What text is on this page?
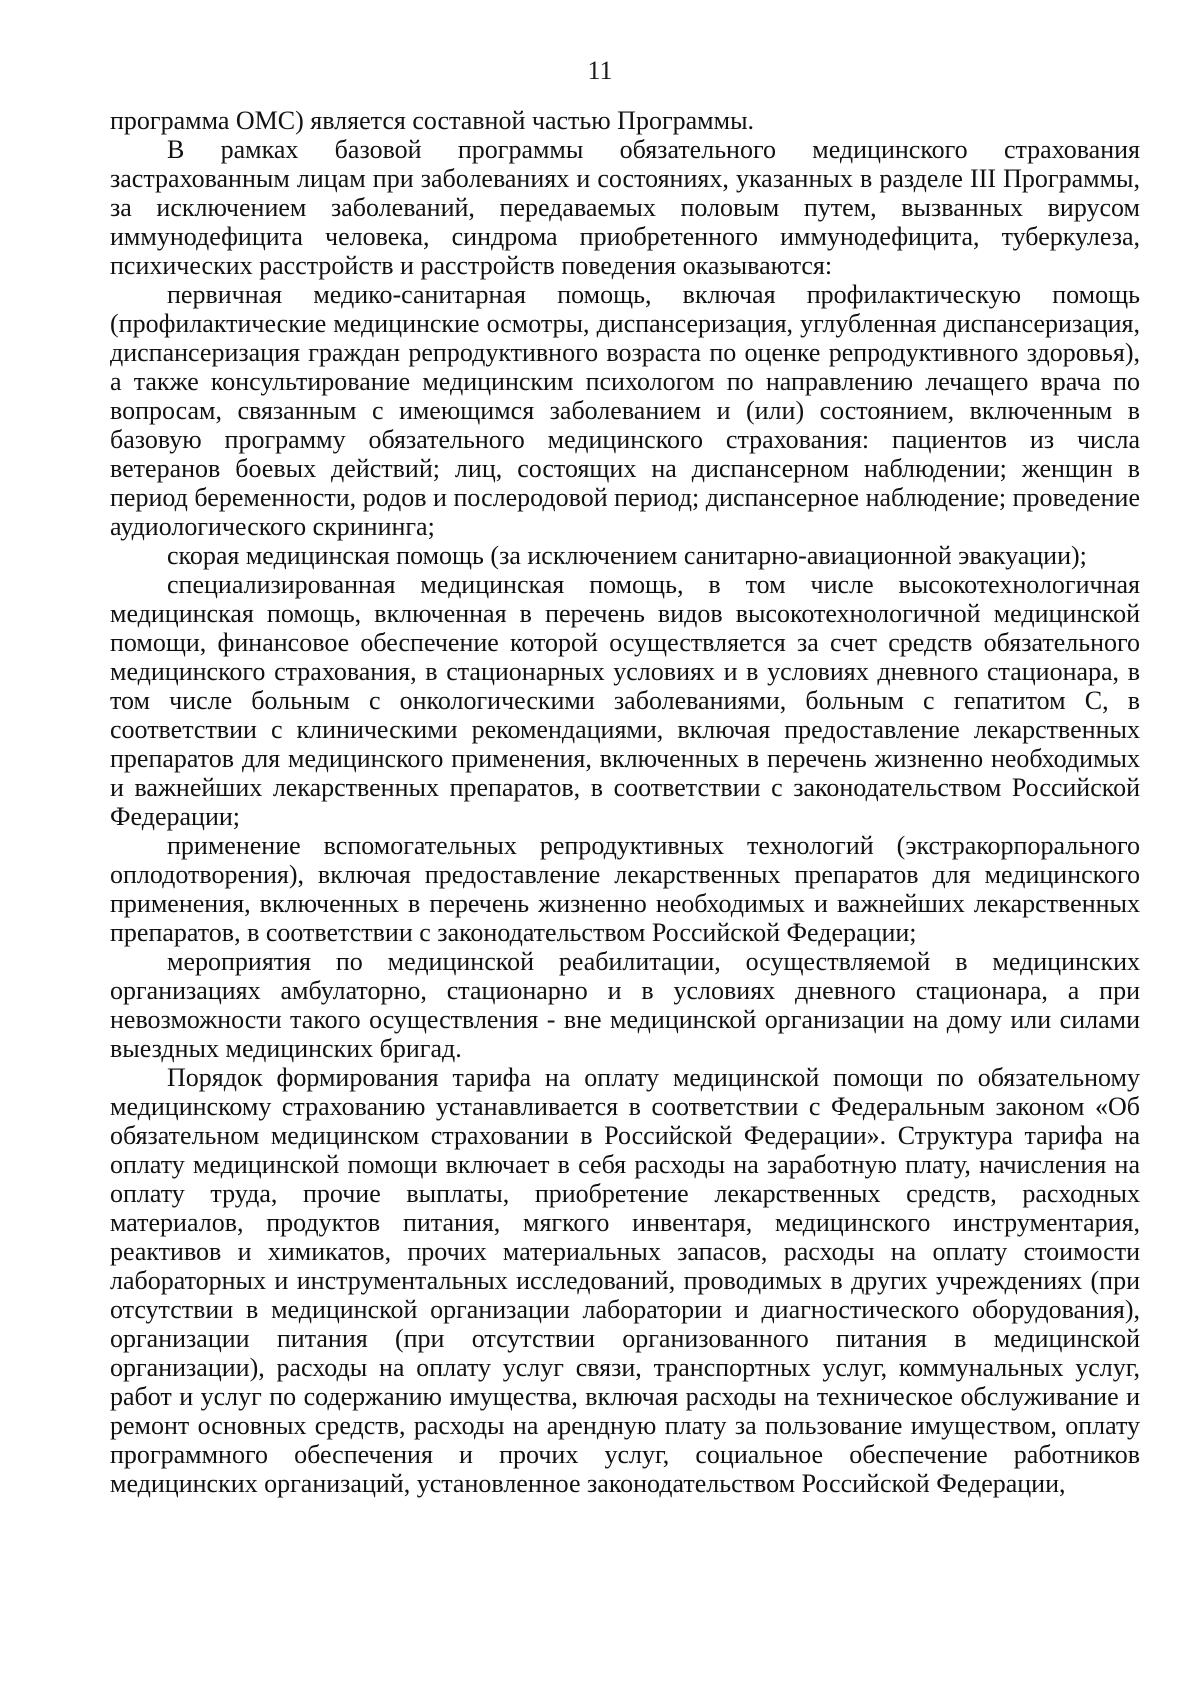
11

программа ОМС) является составной частью Программы.

В рамках базовой программы обязательного медицинского страхования застрахованным лицам при заболеваниях и состояниях, указанных в разделе III Программы, за исключением заболеваний, передаваемых половым путем, вызванных вирусом иммунодефицита человека, синдрома приобретенного иммунодефицита, туберкулеза, психических расстройств и расстройств поведения оказываются:

первичная медико-санитарная помощь, включая профилактическую помощь (профилактические медицинские осмотры, диспансеризация, углубленная диспансеризация, диспансеризация граждан репродуктивного возраста по оценке репродуктивного здоровья), а также консультирование медицинским психологом по направлению лечащего врача по вопросам, связанным с имеющимся заболеванием и (или) состоянием, включенным в базовую программу обязательного медицинского страхования: пациентов из числа ветеранов боевых действий; лиц, состоящих на диспансерном наблюдении; женщин в период беременности, родов и послеродовой период; диспансерное наблюдение; проведение аудиологического скрининга;

скорая медицинская помощь (за исключением санитарно-авиационной эвакуации);

специализированная медицинская помощь, в том числе высокотехнологичная медицинская помощь, включенная в перечень видов высокотехнологичной медицинской помощи, финансовое обеспечение которой осуществляется за счет средств обязательного медицинского страхования, в стационарных условиях и в условиях дневного стационара, в том числе больным с онкологическими заболеваниями, больным с гепатитом С, в соответствии с клиническими рекомендациями, включая предоставление лекарственных препаратов для медицинского применения, включенных в перечень жизненно необходимых и важнейших лекарственных препаратов, в соответствии с законодательством Российской Федерации;

применение вспомогательных репродуктивных технологий (экстракорпорального оплодотворения), включая предоставление лекарственных препаратов для медицинского применения, включенных в перечень жизненно необходимых и важнейших лекарственных препаратов, в соответствии с законодательством Российской Федерации;

мероприятия по медицинской реабилитации, осуществляемой в медицинских организациях амбулаторно, стационарно и в условиях дневного стационара, а при невозможности такого осуществления - вне медицинской организации на дому или силами выездных медицинских бригад.

Порядок формирования тарифа на оплату медицинской помощи по обязательному медицинскому страхованию устанавливается в соответствии с Федеральным законом «Об обязательном медицинском страховании в Российской Федерации». Структура тарифа на оплату медицинской помощи включает в себя расходы на заработную плату, начисления на оплату труда, прочие выплаты, приобретение лекарственных средств, расходных материалов, продуктов питания, мягкого инвентаря, медицинского инструментария, реактивов и химикатов, прочих материальных запасов, расходы на оплату стоимости лабораторных и инструментальных исследований, проводимых в других учреждениях (при отсутствии в медицинской организации лаборатории и диагностического оборудования), организации питания (при отсутствии организованного питания в медицинской организации), расходы на оплату услуг связи, транспортных услуг, коммунальных услуг, работ и услуг по содержанию имущества, включая расходы на техническое обслуживание и ремонт основных средств, расходы на арендную плату за пользование имуществом, оплату программного обеспечения и прочих услуг, социальное обеспечение работников медицинских организаций, установленное законодательством Российской Федерации,
